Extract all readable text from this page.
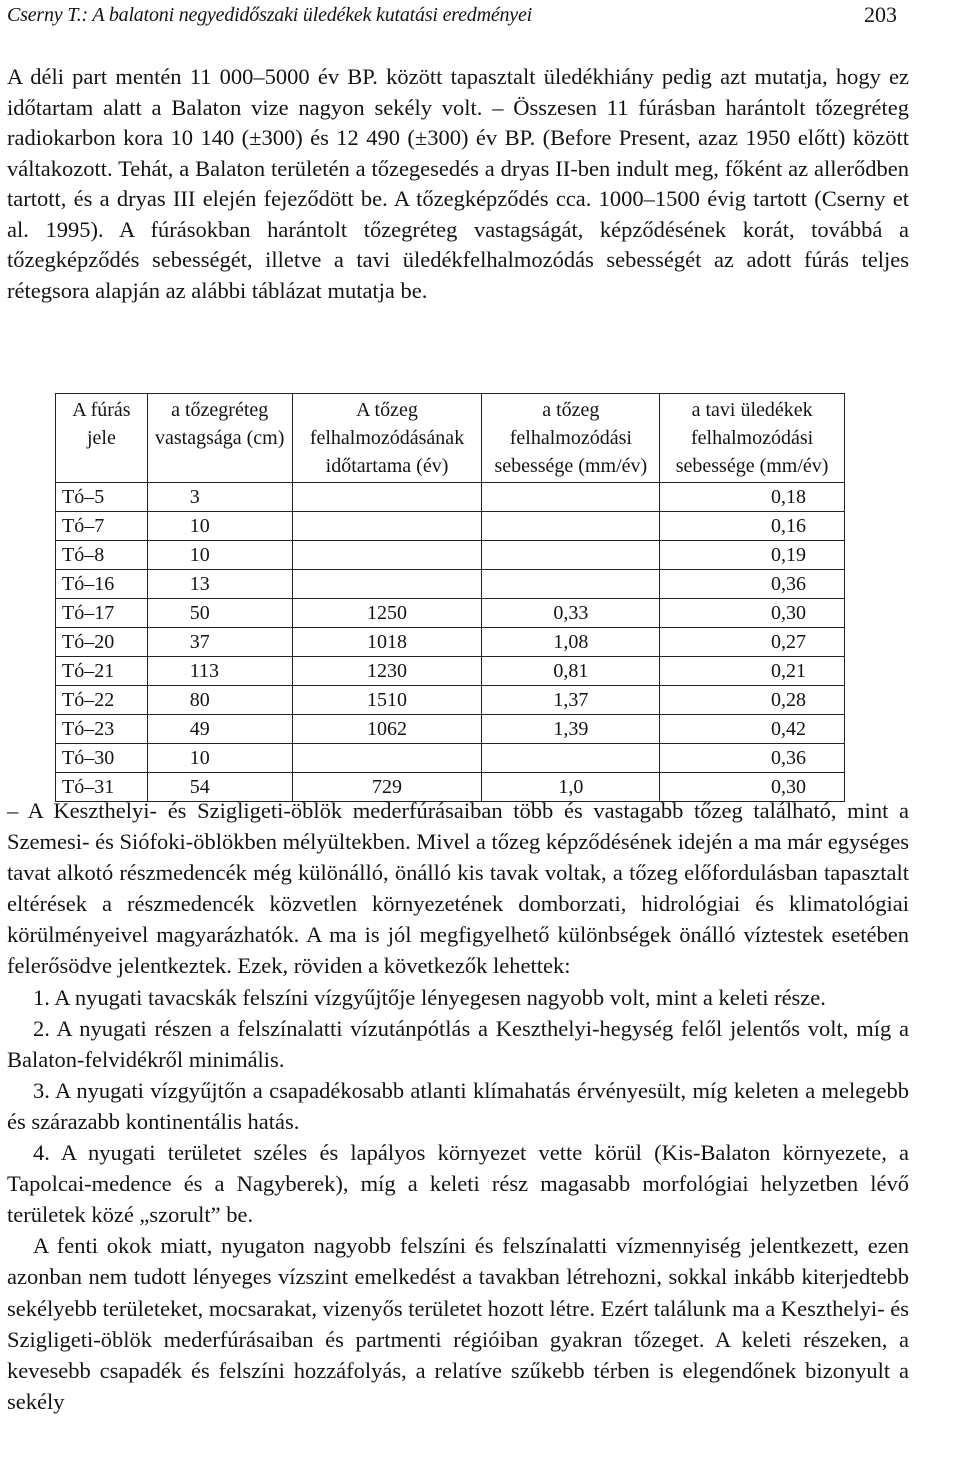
Cserny T.: A balatoni negyedidőszaki üledékek kutatási eredményei	203

A déli part mentén 11 000–5000 év BP. között tapasztalt üledékhiány pedig azt mutatja, hogy ez időtartam alatt a Balaton vize nagyon sekély volt. – Összesen 11 fúrásban harántolt tőzegréteg radiokarbon kora 10 140 (±300) és 12 490 (±300) év BP. (Before Present, azaz 1950 előtt) között váltakozott. Tehát, a Balaton területén a tőzegesedés a dryas II-ben indult meg, főként az allerődben tartott, és a dryas III elején fejeződött be. A tőzegképződés cca. 1000–1500 évig tartott (Cserny et al. 1995). A fúrásokban harántolt tőzegréteg vastagságát, képződésének korát, továbbá a tőzegképződés sebességét, illetve a tavi üledékfelhalmozódás sebességét az adott fúrás teljes rétegsora alapján az alábbi táblázat mutatja be.

A fúrás jele	a tőzegréteg vastagsága (cm)	A tőzeg felhalmozódásának időtartama (év)	a tőzeg felhalmozódási sebessége (mm/év)	a tavi üledékek felhalmozódási sebessége (mm/év)
Tó–5	3			0,18
Tó–7	10			0,16
Tó–8	10			0,19
Tó–16	13			0,36
Tó–17	50	1250	0,33	0,30
Tó–20	37	1018	1,08	0,27
Tó–21	113	1230	0,81	0,21
Tó–22	80	1510	1,37	0,28
Tó–23	49	1062	1,39	0,42
Tó–30	10			0,36
Tó–31	54	729	1,0	0,30

– A Keszthelyi- és Szigligeti-öblök mederfúrásaiban több és vastagabb tőzeg található, mint a Szemesi- és Siófoki-öblökben mélyültekben. Mivel a tőzeg képződésének idején a ma már egységes tavat alkotó részmedencék még különálló, önálló kis tavak voltak, a tőzeg előfordulásban tapasztalt eltérések a részmedencék közvetlen környezetének domborzati, hidrológiai és klimatológiai körülményeivel magyarázhatók. A ma is jól megfigyelhető különbségek önálló víztestek esetében felerősödve jelentkeztek. Ezek, röviden a következők lehettek:

1. A nyugati tavacskák felszíni vízgyűjtője lényegesen nagyobb volt, mint a keleti része.

2. A nyugati részen a felszínalatti vízutánpótlás a Keszthelyi-hegység felől jelentős volt, míg a Balaton-felvidékről minimális.

3. A nyugati vízgyűjtőn a csapadékosabb atlanti klímahatás érvényesült, míg keleten a melegebb és szárazabb kontinentális hatás.

4. A nyugati területet széles és lapályos környezet vette körül (Kis-Balaton környezete, a Tapolcai-medence és a Nagyberek), míg a keleti rész magasabb morfológiai helyzetben lévő területek közé „szorult” be.

A fenti okok miatt, nyugaton nagyobb felszíni és felszínalatti vízmennyiség jelentkezett, ezen azonban nem tudott lényeges vízszint emelkedést a tavakban létrehozni, sokkal inkább kiterjedtebb sekélyebb területeket, mocsarakat, vizenyős területet hozott létre. Ezért találunk ma a Keszthelyi- és Szigligeti-öblök mederfúrásaiban és partmenti régióiban gyakran tőzeget. A keleti részeken, a kevesebb csapadék és felszíni hozzáfolyás, a relatíve szűkebb térben is elegendőnek bizonyult a sekély
